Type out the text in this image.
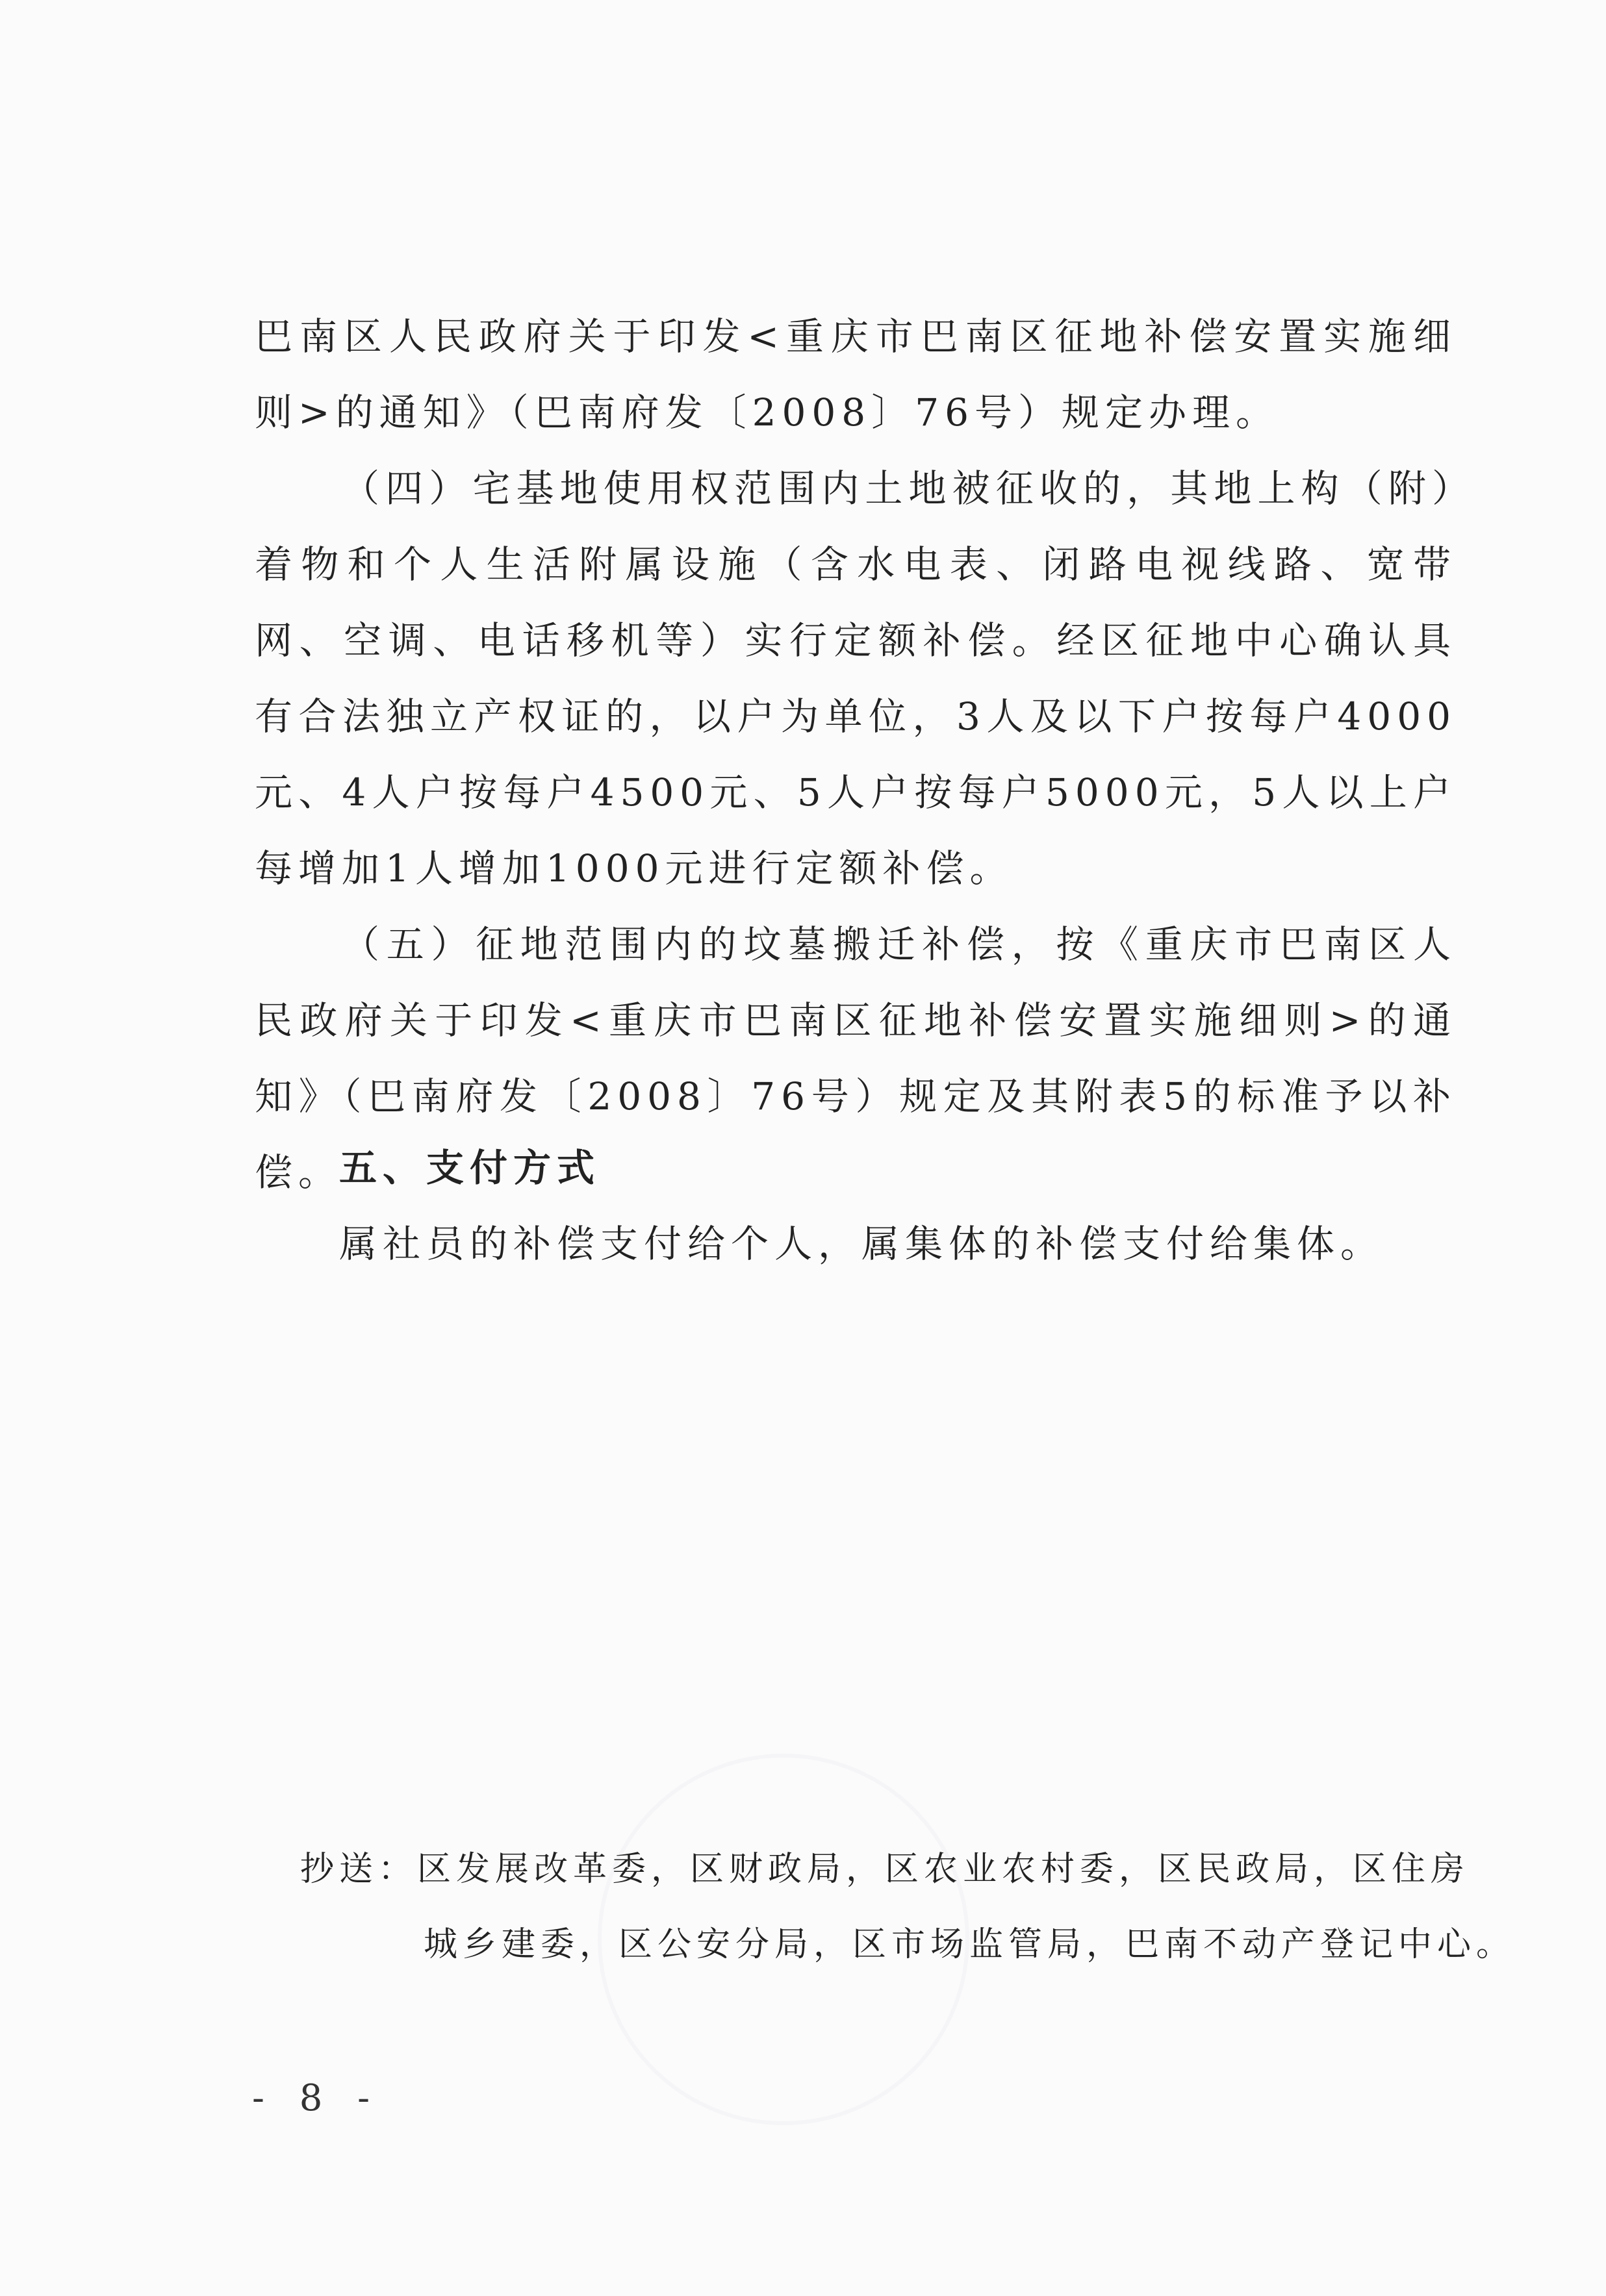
巴南区人民政府关于印发<重庆市巴南区征地补偿安置实施细则>的通知》（巴南府发〔2008〕76号）规定办理。

（四）宅基地使用权范围内土地被征收的，其地上构（附）着物和个人生活附属设施（含水电表、闭路电视线路、宽带网、空调、电话移机等）实行定额补偿。经区征地中心确认具有合法独立产权证的，以户为单位，3人及以下户按每户4000元、4人户按每户4500元、5人户按每户5000元，5人以上户每增加1人增加1000元进行定额补偿。

（五）征地范围内的坟墓搬迁补偿，按《重庆市巴南区人民政府关于印发<重庆市巴南区征地补偿安置实施细则>的通知》（巴南府发〔2008〕76号）规定及其附表5的标准予以补偿。

五、支付方式
属社员的补偿支付给个人，属集体的补偿支付给集体。
抄送：区发展改革委，区财政局，区农业农村委，区民政局，区住房
城乡建委，区公安分局，区市场监管局，巴南不动产登记中心。
- 8 -
